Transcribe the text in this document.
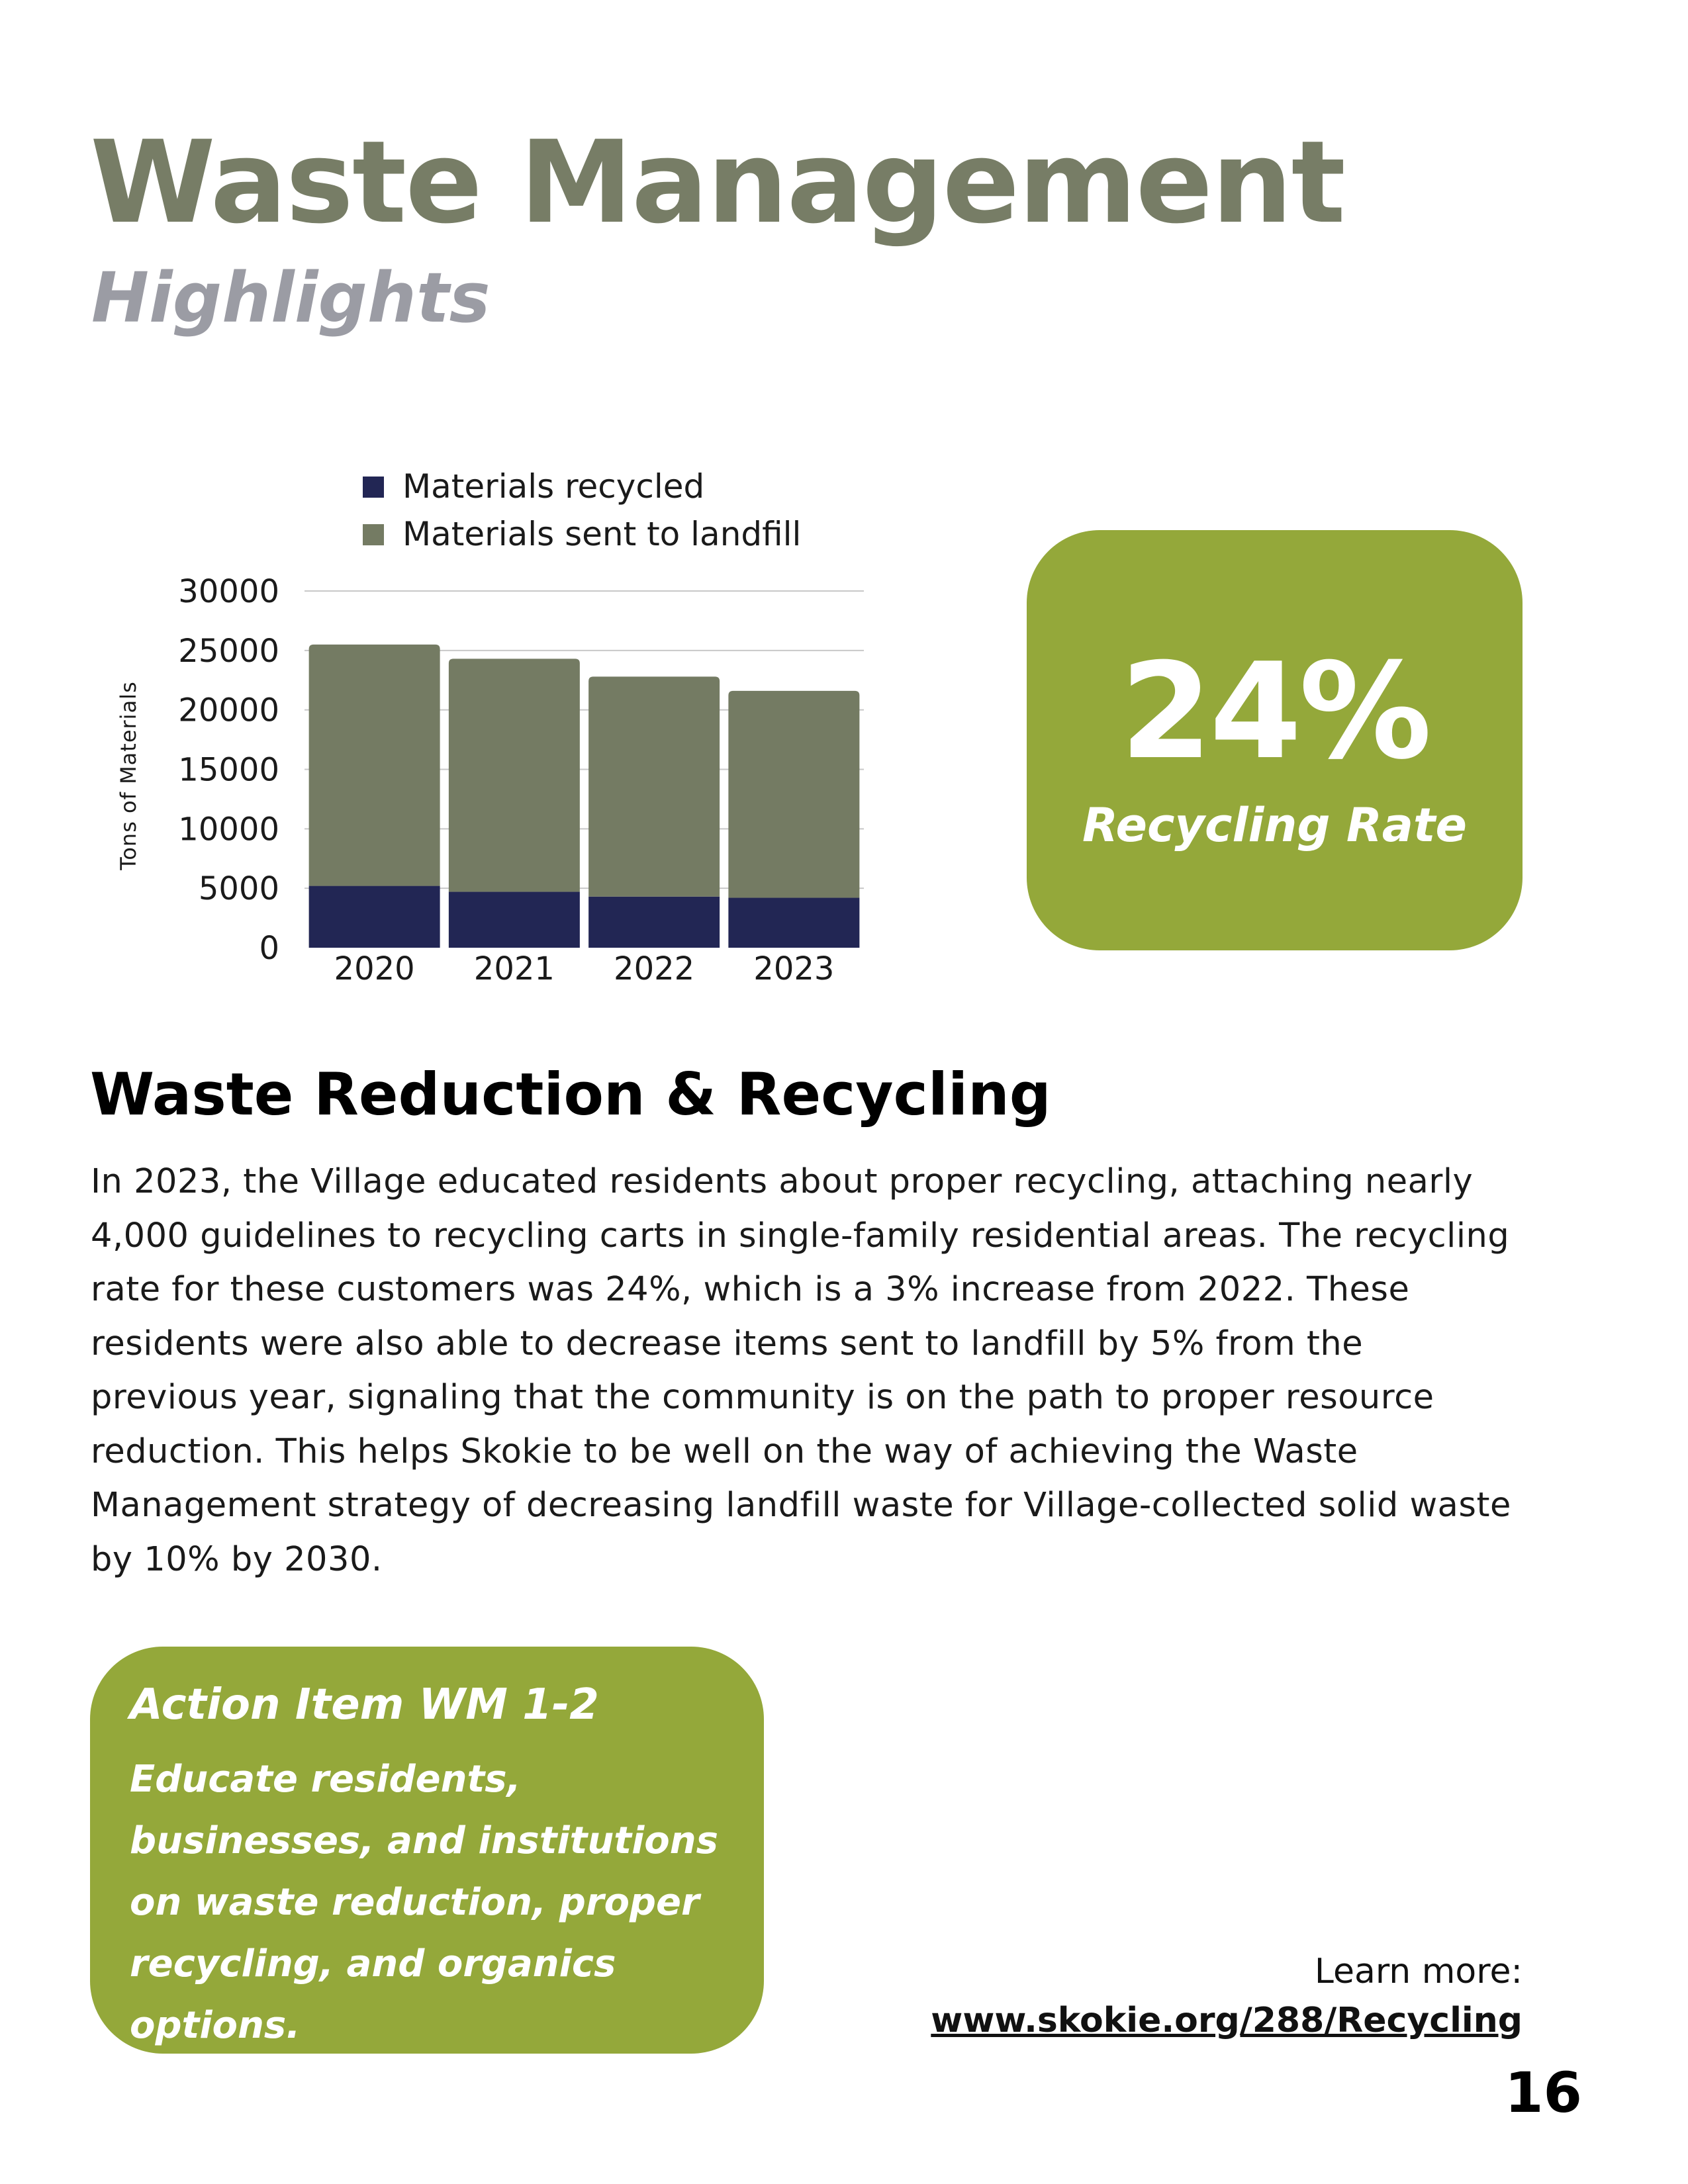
Waste Management
Highlights
0
5000
10000
15000
20000
25000
30000
2020 2021 2022 2023
Tons of Materials
Materials recycled
Materials sent to landfill
24%
Recycling Rate
Waste Reduction & Recycling

In 2023, the Village educated residents about proper recycling, attaching nearly 4,000 guidelines to recycling carts in single-family residential areas. The recycling rate for these customers was 24%, which is a 3% increase from 2022. These residents were also able to decrease items sent to landfill by 5% from the previous year, signaling that the community is on the path to proper resource reduction. This helps Skokie to be well on the way of achieving the Waste Management strategy of decreasing landfill waste for Village-collected solid waste by 10% by 2030.

Action Item WM 1-2

Educate residents, businesses, and institutions on waste reduction, proper recycling, and organics options.

Learn more:
www.skokie.org/288/Recycling
16
